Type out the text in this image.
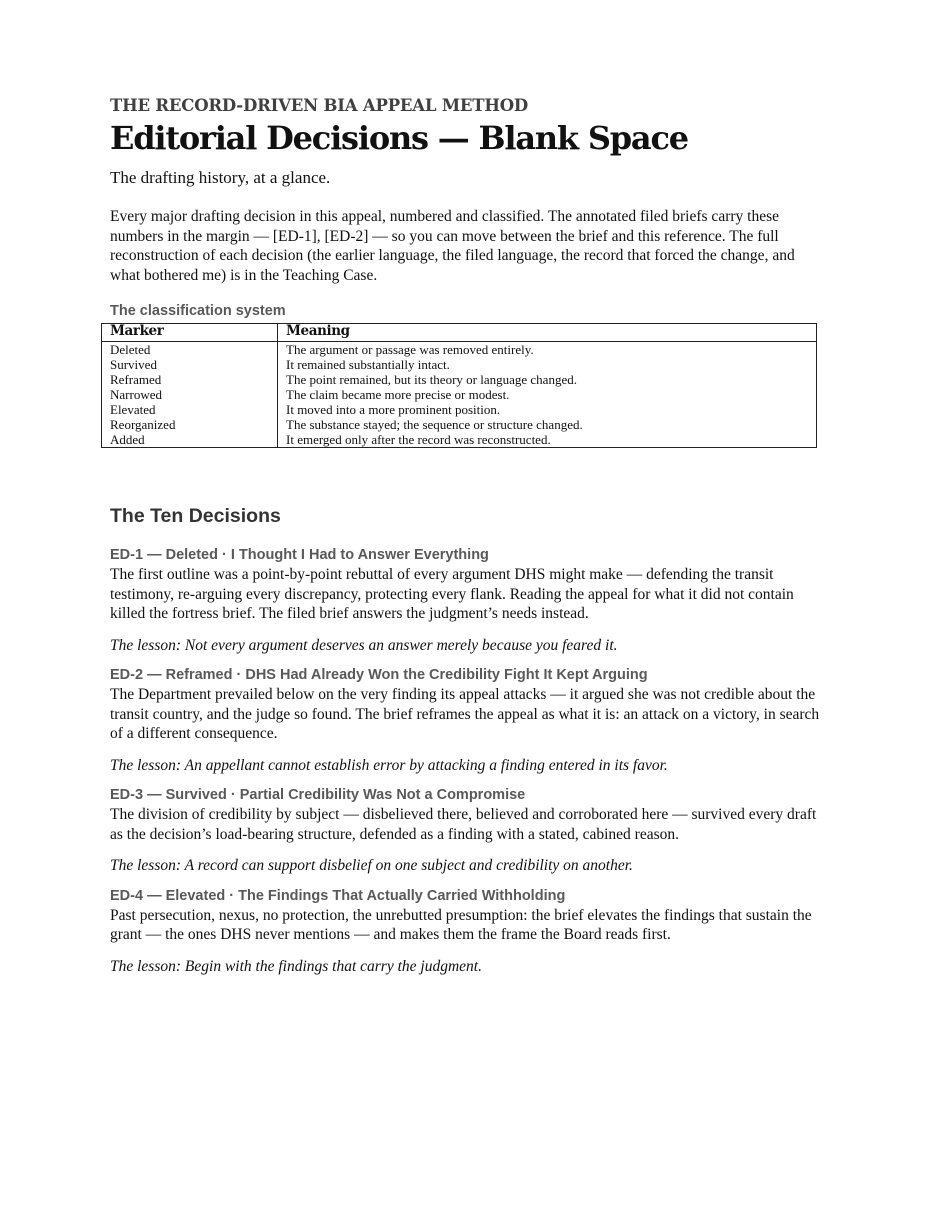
THE RECORD-DRIVEN BIA APPEAL METHOD

Editorial Decisions — Blank Space

The drafting history, at a glance.

Every major drafting decision in this appeal, numbered and classified. The annotated filed briefs carry these numbers in the margin — [ED-1], [ED-2] — so you can move between the brief and this reference. The full reconstruction of each decision (the earlier language, the filed language, the record that forced the change, and what bothered me) is in the Teaching Case.

The classification system
Marker	Meaning
Deleted	The argument or passage was removed entirely.
Survived	It remained substantially intact.
Reframed	The point remained, but its theory or language changed.
Narrowed	The claim became more precise or modest.
Elevated	It moved into a more prominent position.
Reorganized	The substance stayed; the sequence or structure changed.
Added	It emerged only after the record was reconstructed.
The Ten Decisions

ED-1 — Deleted · I Thought I Had to Answer Everything

The first outline was a point-by-point rebuttal of every argument DHS might make — defending the transit testimony, re-arguing every discrepancy, protecting every flank. Reading the appeal for what it did not contain killed the fortress brief. The filed brief answers the judgment’s needs instead.

The lesson: Not every argument deserves an answer merely because you feared it.

ED-2 — Reframed · DHS Had Already Won the Credibility Fight It Kept Arguing

The Department prevailed below on the very finding its appeal attacks — it argued she was not credible about the transit country, and the judge so found. The brief reframes the appeal as what it is: an attack on a victory, in search of a different consequence.

The lesson: An appellant cannot establish error by attacking a finding entered in its favor.

ED-3 — Survived · Partial Credibility Was Not a Compromise

The division of credibility by subject — disbelieved there, believed and corroborated here — survived every draft as the decision’s load-bearing structure, defended as a finding with a stated, cabined reason.

The lesson: A record can support disbelief on one subject and credibility on another.

ED-4 — Elevated · The Findings That Actually Carried Withholding

Past persecution, nexus, no protection, the unrebutted presumption: the brief elevates the findings that sustain the grant — the ones DHS never mentions — and makes them the frame the Board reads first.

The lesson: Begin with the findings that carry the judgment.
